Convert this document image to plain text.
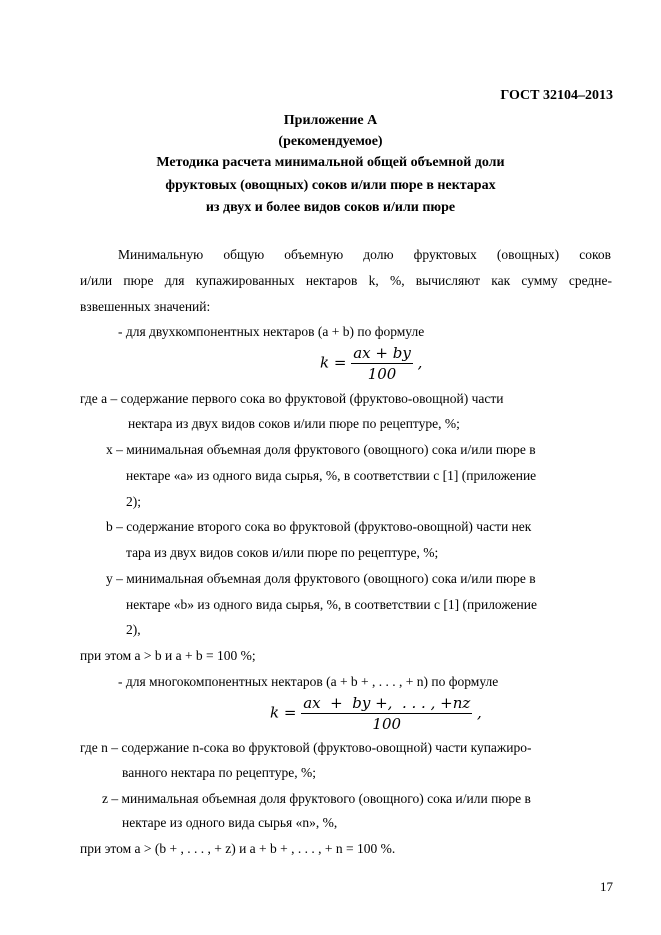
ГОСТ 32104–2013
Приложение А
(рекомендуемое)
Методика расчета минимальной общей объемной доли
фруктовых (овощных) соков и/или пюре в нектарах
из двух и более видов соков и/или пюре
Минимальную общую объемную долю фруктовых (овощных) соков
и/или пюре для купажированных нектаров k, %, вычисляют как сумму средне-
взвешенных значений:
- для двухкомпонентных нектаров (a + b) по формуле
$k = \frac{ax + by}{100}$ ,
где a – содержание первого сока во фруктовой (фруктово-овощной) части
нектара из двух видов соков и/или пюре по рецептуре, %;
x – минимальная объемная доля фруктового (овощного) сока и/или пюре в
нектаре «a» из одного вида сырья, %, в соответствии с [1] (приложение
2);
b – содержание второго сока во фруктовой (фруктово-овощной) части нек
тара из двух видов соков и/или пюре по рецептуре, %;
y – минимальная объемная доля фруктового (овощного) сока и/или пюре в
нектаре «b» из одного вида сырья, %, в соответствии с [1] (приложение
2),
при этом a > b и a + b = 100 %;
- для многокомпонентных нектаров (a + b + , . . . , + n) по формуле
$k = \frac{ax + by +, . . . , +nz}{100}$ ,
где n – содержание n-сока во фруктовой (фруктово-овощной) части купажиро-
ванного нектара по рецептуре, %;
z – минимальная объемная доля фруктового (овощного) сока и/или пюре в
нектаре из одного вида сырья «n», %,
при этом a > (b + , . . . , + z) и a + b + , . . . , + n = 100 %.
17
